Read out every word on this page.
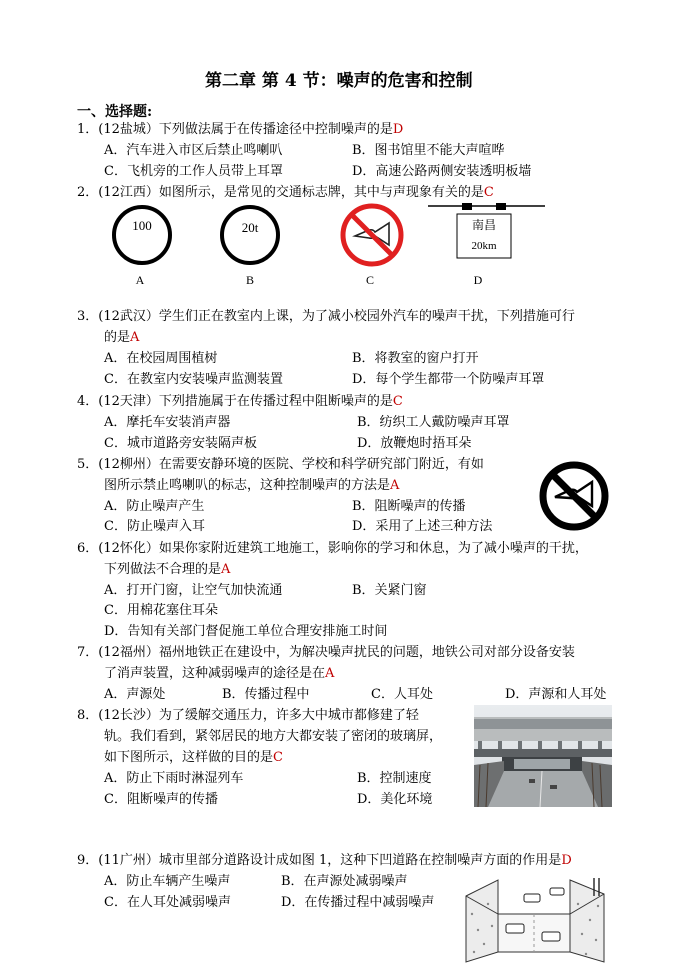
第二章 第 4 节：噪声的危害和控制
一、选择题:
1．(12盐城）下列做法属于在传播途径中控制噪声的是D
A．汽车进入市区后禁止鸣喇叭	B．图书馆里不能大声喧哗
C．飞机旁的工作人员带上耳罩	D．高速公路两侧安装透明板墙
2．(12江西）如图所示，是常见的交通标志牌，其中与声现象有关的是C
100	20t	南昌
20km
A	B	C	D
3．(12武汉）学生们正在教室内上课，为了减小校园外汽车的噪声干扰，下列措施可行
的是A
A．在校园周围植树	B．将教室的窗户打开
C．在教室内安装噪声监测装置	D．每个学生都带一个防噪声耳罩
4．(12天津）下列措施属于在传播过程中阻断噪声的是C
A．摩托车安装消声器	B．纺织工人戴防噪声耳罩
C．城市道路旁安装隔声板	D．放鞭炮时捂耳朵
5．(12柳州）在需要安静环境的医院、学校和科学研究部门附近，有如
图所示禁止鸣喇叭的标志，这种控制噪声的方法是A
A．防止噪声产生	B．阻断噪声的传播
C．防止噪声入耳	D．采用了上述三种方法
6．(12怀化）如果你家附近建筑工地施工，影响你的学习和休息，为了减小噪声的干扰，
下列做法不合理的是A
A．打开门窗，让空气加快流通	B．关紧门窗
C．用棉花塞住耳朵
D．告知有关部门督促施工单位合理安排施工时间
7．(12福州）福州地铁正在建设中，为解决噪声扰民的问题，地铁公司对部分设备安装
了消声装置，这种减弱噪声的途径是在A
A．声源处	B．传播过程中	C．人耳处	D．声源和人耳处
8．(12长沙）为了缓解交通压力，许多大中城市都修建了轻
轨。我们看到，紧邻居民的地方大都安装了密闭的玻璃屏，
如下图所示，这样做的目的是C
A．防止下雨时淋湿列车	B．控制速度
C．阻断噪声的传播	D．美化环境
9．(11广州）城市里部分道路设计成如图 1，这种下凹道路在控制噪声方面的作用是D
A．防止车辆产生噪声	B．在声源处减弱噪声
C．在人耳处减弱噪声	D．在传播过程中减弱噪声
